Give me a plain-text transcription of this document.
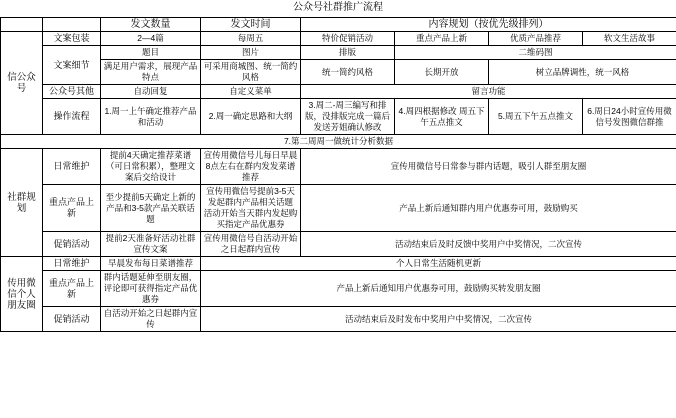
公众号社群推广流程
		发文数量	发文时间	内容规划（按优先级排列）			
信公众号	文案包装	2—4篇	每周五	特价促销活动	重点产品上新	优质产品推荐	软文生活故事
	文案细节	题目	图片	排版	二维码图		
		满足用户需求，展现产品特点	可采用商城图、统一简约风格	统一简约风格	长期开放	树立品牌调性，统一风格	
	公众号其他	自动回复	自定义菜单	留言功能			
	操作流程	1.周一上午确定推荐产品和活动	2.周一确定思路和大纲	3.周二-周三编写和排版，没排版完成一篇后发送芳姐确认修改	4.周四根据修改 周五下午五点推文	5.周五下午五点推文	6.周日24小时宣传用微信号发图微信群推
7.第二周周一做统计分析数据							
社群规划	日常维护	提前4天确定推荐菜谱（可日常积累），整理文案后交给设计	宣传用微信号儿每日早晨8点左右在群内发发菜谱推荐	宣传用微信号日常参与群内话题，吸引人群至朋友圈			
	重点产品上新	至少提前5天确定上新的产品和3-5款产品关联话题	宣传用微信号提前3-5天发起群内产品相关话题 活动开始当天群内发起购买指定产品优惠券	产品上新后通知群内用户优惠券可用，鼓励购买			
	促销活动	提前2天准备好活动社群宣传文案	宣传用微信号自活动开始之日起群内宣传	活动结束后及时反馈中奖用户中奖情况，二次宣传			
传用微信个人朋友圈	日常维护	早晨发布每日菜谱推荐	个人日常生活随机更新				
	重点产品上新	群内话题延伸至朋友圈，评论即可获得指定产品优惠券	产品上新后通知用户优惠券可用，鼓励购买转发朋友圈				
	促销活动	自活动开始之日起群内宣传	活动结束后及时发布中奖用户中奖情况，二次宣传				
